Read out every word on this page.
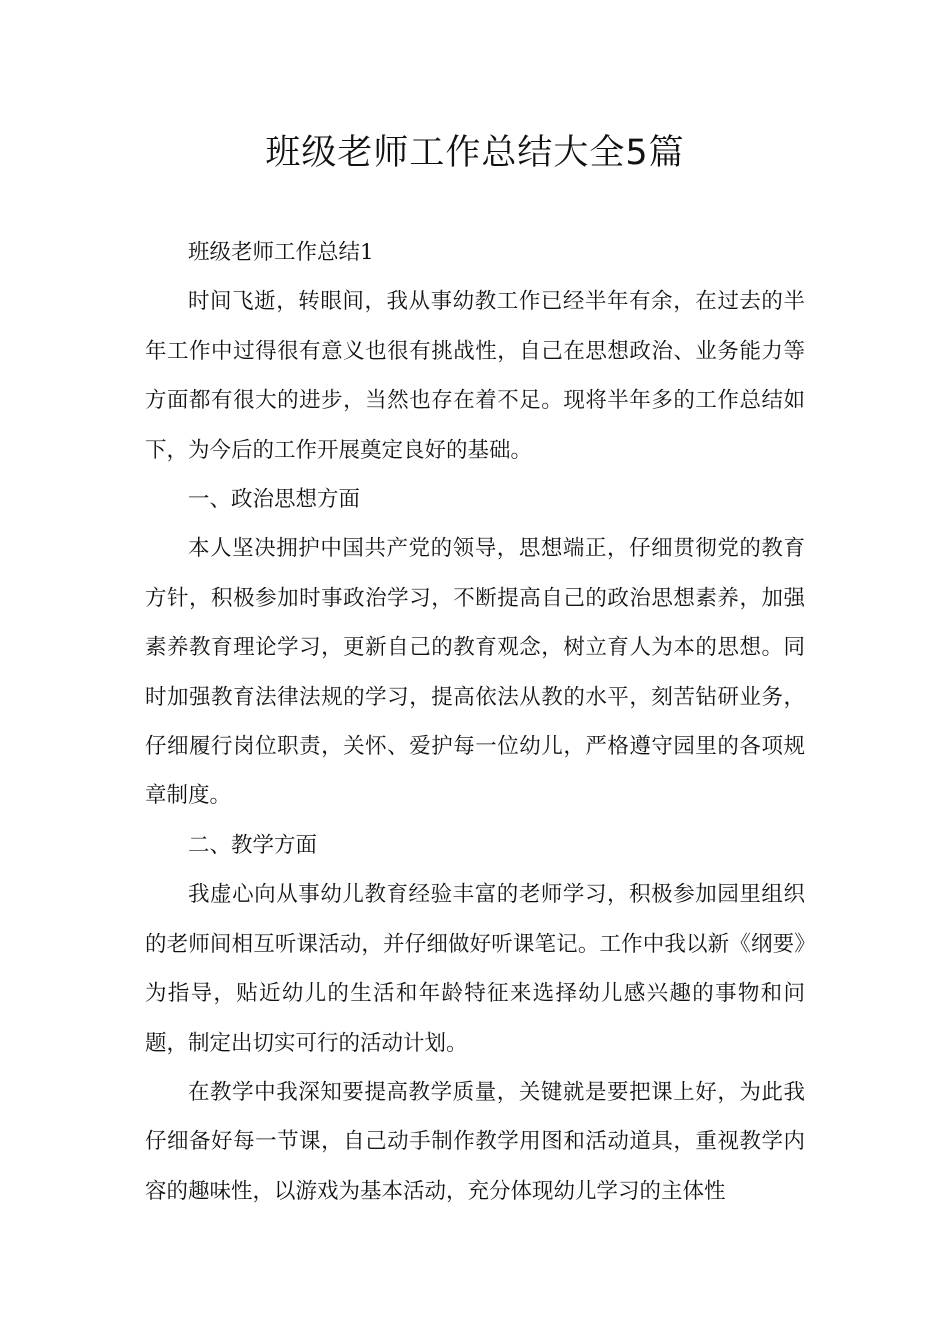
班级老师工作总结大全5篇

班级老师工作总结1

时间飞逝，转眼间，我从事幼教工作已经半年有余，在过去的半年工作中过得很有意义也很有挑战性，自己在思想政治、业务能力等方面都有很大的进步，当然也存在着不足。现将半年多的工作总结如下，为今后的工作开展奠定良好的基础。

一、政治思想方面

本人坚决拥护中国共产党的领导，思想端正，仔细贯彻党的教育方针，积极参加时事政治学习，不断提高自己的政治思想素养，加强素养教育理论学习，更新自己的教育观念，树立育人为本的思想。同时加强教育法律法规的学习，提高依法从教的水平，刻苦钻研业务，仔细履行岗位职责，关怀、爱护每一位幼儿，严格遵守园里的各项规章制度。

二、教学方面

我虚心向从事幼儿教育经验丰富的老师学习，积极参加园里组织的老师间相互听课活动，并仔细做好听课笔记。工作中我以新《纲要》为指导，贴近幼儿的生活和年龄特征来选择幼儿感兴趣的事物和问题，制定出切实可行的活动计划。

在教学中我深知要提高教学质量，关键就是要把课上好，为此我仔细备好每一节课，自己动手制作教学用图和活动道具，重视教学内容的趣味性，以游戏为基本活动，充分体现幼儿学习的主体性
